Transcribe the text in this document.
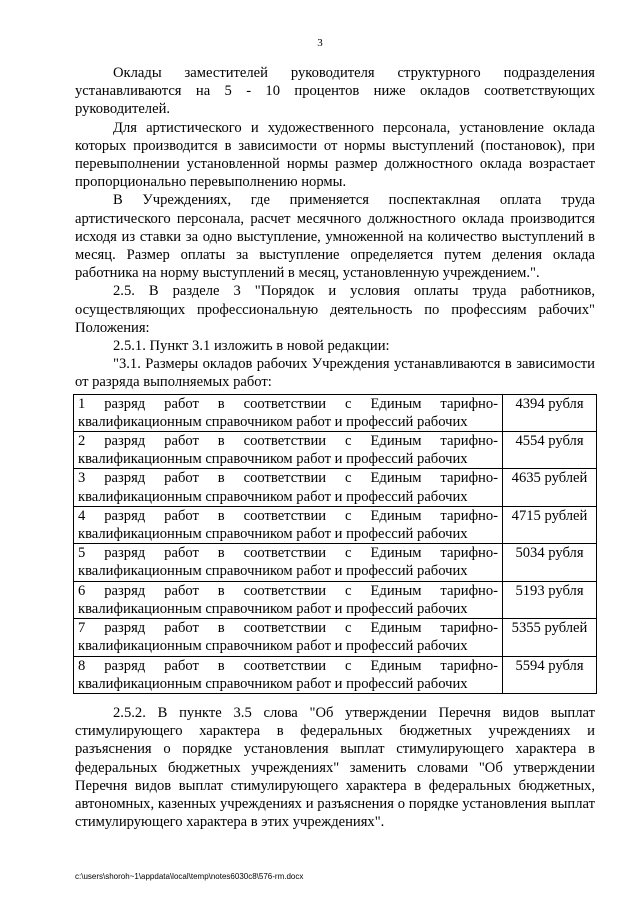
3

Оклады заместителей руководителя структурного подразделения устанавливаются на 5 - 10 процентов ниже окладов соответствующих руководителей.

Для артистического и художественного персонала, установление оклада которых производится в зависимости от нормы выступлений (постановок), при перевыполнении установленной нормы размер должностного оклада возрастает пропорционально перевыполнению нормы.

В Учреждениях, где применяется поспектаклная оплата труда артистического персонала, расчет месячного должностного оклада производится исходя из ставки за одно выступление, умноженной на количество выступлений в месяц. Размер оплаты за выступление определяется путем деления оклада работника на норму выступлений в месяц, установленную учреждением.".

2.5. В разделе 3 "Порядок и условия оплаты труда работников, осуществляющих профессиональную деятельность по профессиям рабочих" Положения:

2.5.1. Пункт 3.1 изложить в новой редакции:

"3.1. Размеры окладов рабочих Учреждения устанавливаются в зависимости от разряда выполняемых работ:

1 разряд работ в соответствии с Единым тарифно-
квалификационным справочником работ и профессий рабочих	4394 рубля

2 разряд работ в соответствии с Единым тарифно-
квалификационным справочником работ и профессий рабочих	4554 рубля

3 разряд работ в соответствии с Единым тарифно-
квалификационным справочником работ и профессий рабочих	4635 рублей

4 разряд работ в соответствии с Единым тарифно-
квалификационным справочником работ и профессий рабочих	4715 рублей

5 разряд работ в соответствии с Единым тарифно-
квалификационным справочником работ и профессий рабочих	5034 рубля

6 разряд работ в соответствии с Единым тарифно-
квалификационным справочником работ и профессий рабочих	5193 рубля

7 разряд работ в соответствии с Единым тарифно-
квалификационным справочником работ и профессий рабочих	5355 рублей

8 разряд работ в соответствии с Единым тарифно-
квалификационным справочником работ и профессий рабочих	5594 рубля

2.5.2. В пункте 3.5 слова "Об утверждении Перечня видов выплат стимулирующего характера в федеральных бюджетных учреждениях и разъяснения о порядке установления выплат стимулирующего характера в федеральных бюджетных учреждениях" заменить словами "Об утверждении Перечня видов выплат стимулирующего характера в федеральных бюджетных, автономных, казенных учреждениях и разъяснения о порядке установления выплат стимулирующего характера в этих учреждениях".

c:\users\shoroh~1\appdata\local\temp\notes6030c8\576-rm.docx
